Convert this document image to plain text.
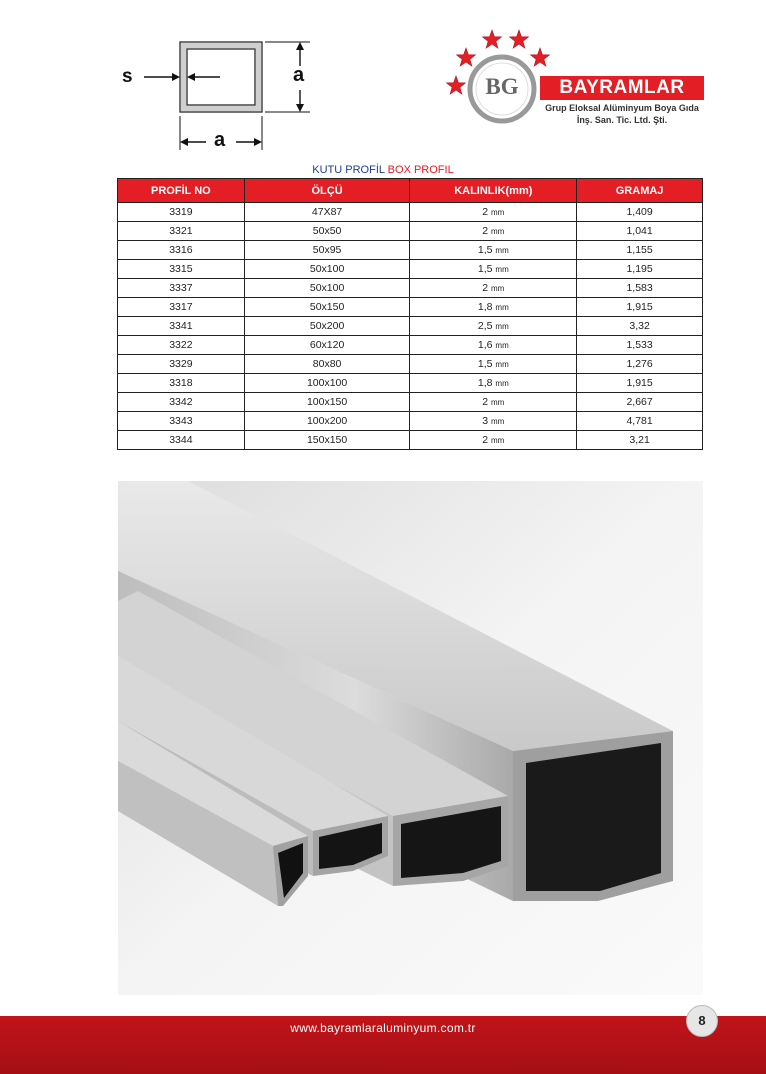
s	a
a
BG	BAYRAMLAR
Grup Eloksal Alüminyum Boya Gıda
İnş. San. Tic. Ltd. Şti.
KUTU PROFİL BOX PROFIL
PROFİL NO	ÖLÇÜ	KALINLIK(mm)	GRAMAJ
3319	47X87	2 mm	1,409
3321	50x50	2 mm	1,041
3316	50x95	1,5 mm	1,155
3315	50x100	1,5 mm	1,195
3337	50x100	2 mm	1,583
3317	50x150	1,8 mm	1,915
3341	50x200	2,5 mm	3,32
3322	60x120	1,6 mm	1,533
3329	80x80	1,5 mm	1,276
3318	100x100	1,8 mm	1,915
3342	100x150	2 mm	2,667
3343	100x200	3 mm	4,781
3344	150x150	2 mm	3,21
www.bayramlaraluminyum.com.tr	8
